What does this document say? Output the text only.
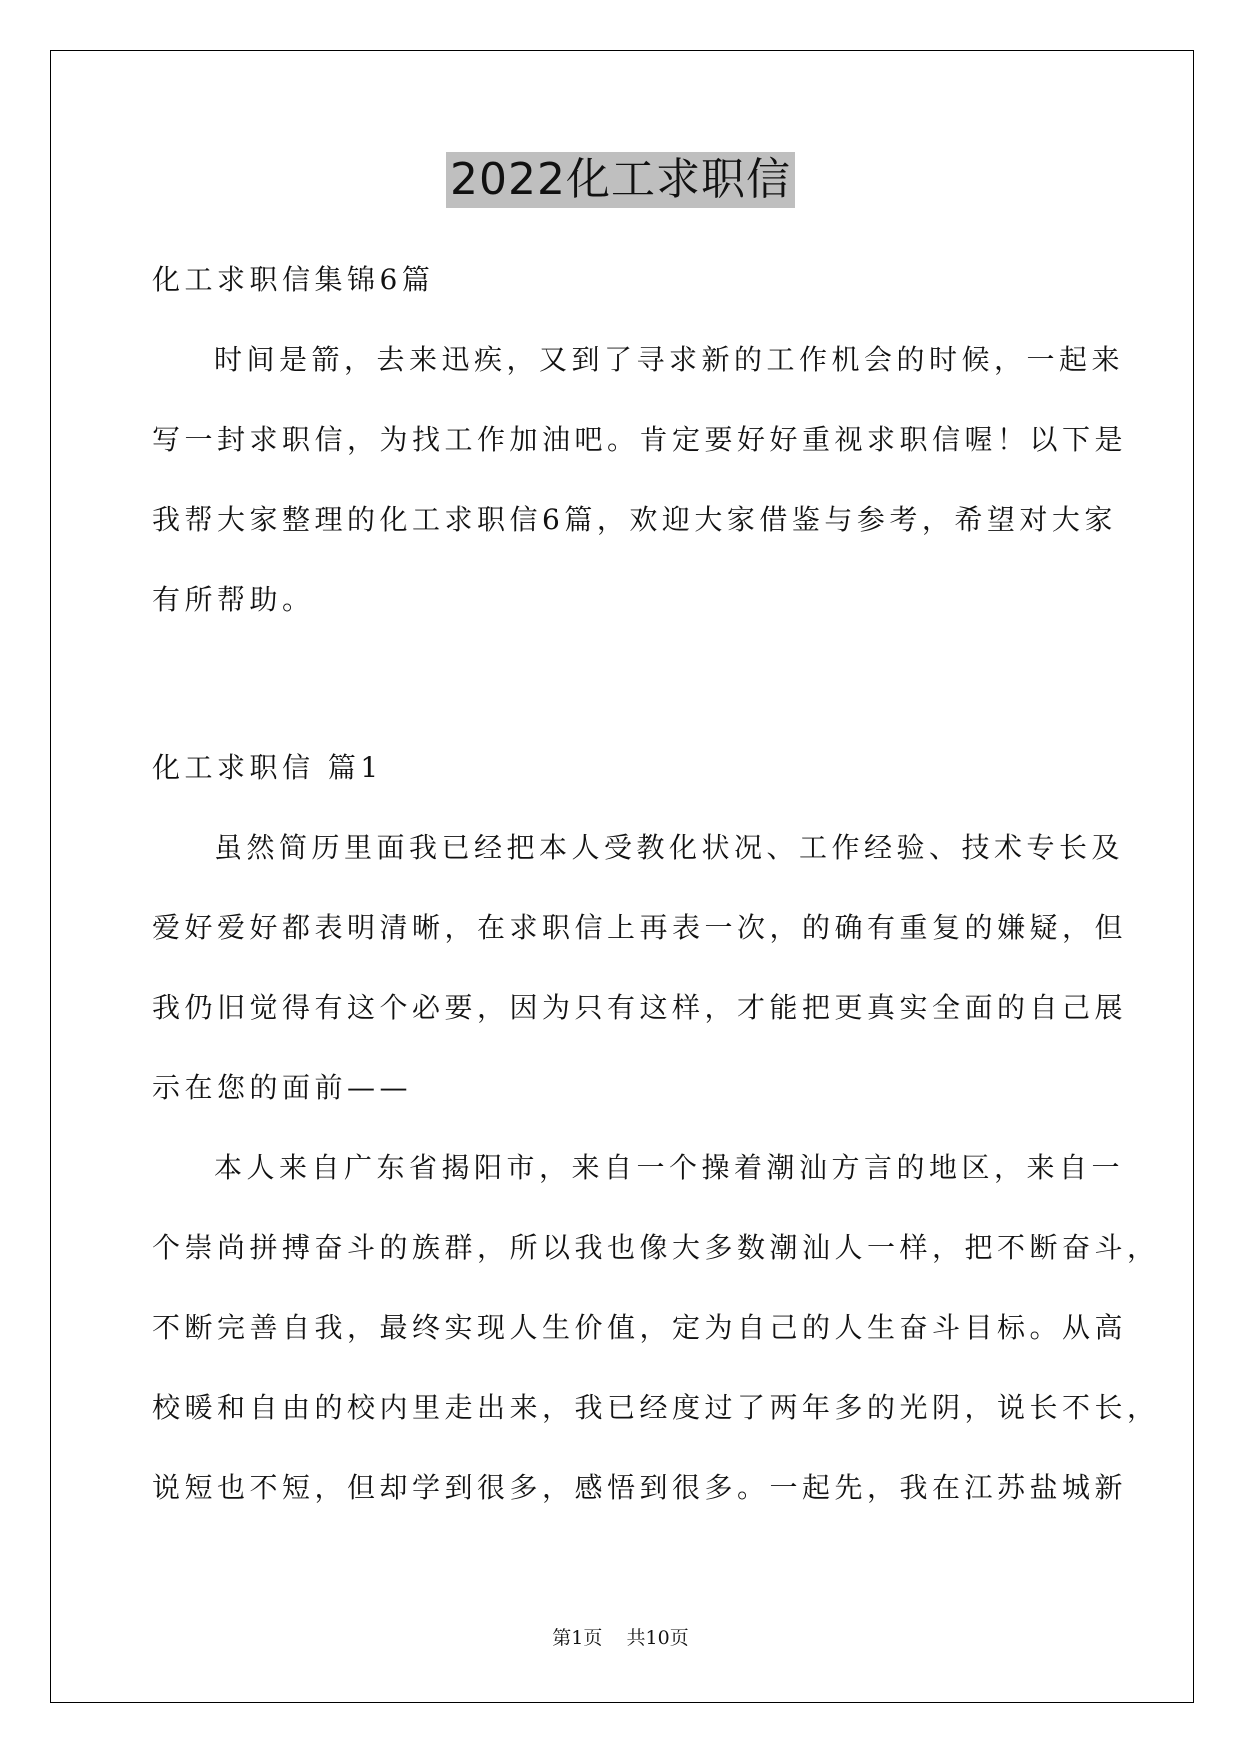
2022化工求职信
化工求职信集锦6篇
时间是箭，去来迅疾，又到了寻求新的工作机会的时候，一起来
写一封求职信，为找工作加油吧。肯定要好好重视求职信喔！以下是
我帮大家整理的化工求职信6篇，欢迎大家借鉴与参考，希望对大家
有所帮助。
化工求职信 篇1
虽然简历里面我已经把本人受教化状况、工作经验、技术专长及
爱好爱好都表明清晰，在求职信上再表一次，的确有重复的嫌疑，但
我仍旧觉得有这个必要，因为只有这样，才能把更真实全面的自己展
示在您的面前——
本人来自广东省揭阳市，来自一个操着潮汕方言的地区，来自一
个崇尚拼搏奋斗的族群，所以我也像大多数潮汕人一样，把不断奋斗，
不断完善自我，最终实现人生价值，定为自己的人生奋斗目标。从高
校暖和自由的校内里走出来，我已经度过了两年多的光阴，说长不长，
说短也不短，但却学到很多，感悟到很多。一起先，我在江苏盐城新
第1页 共10页
